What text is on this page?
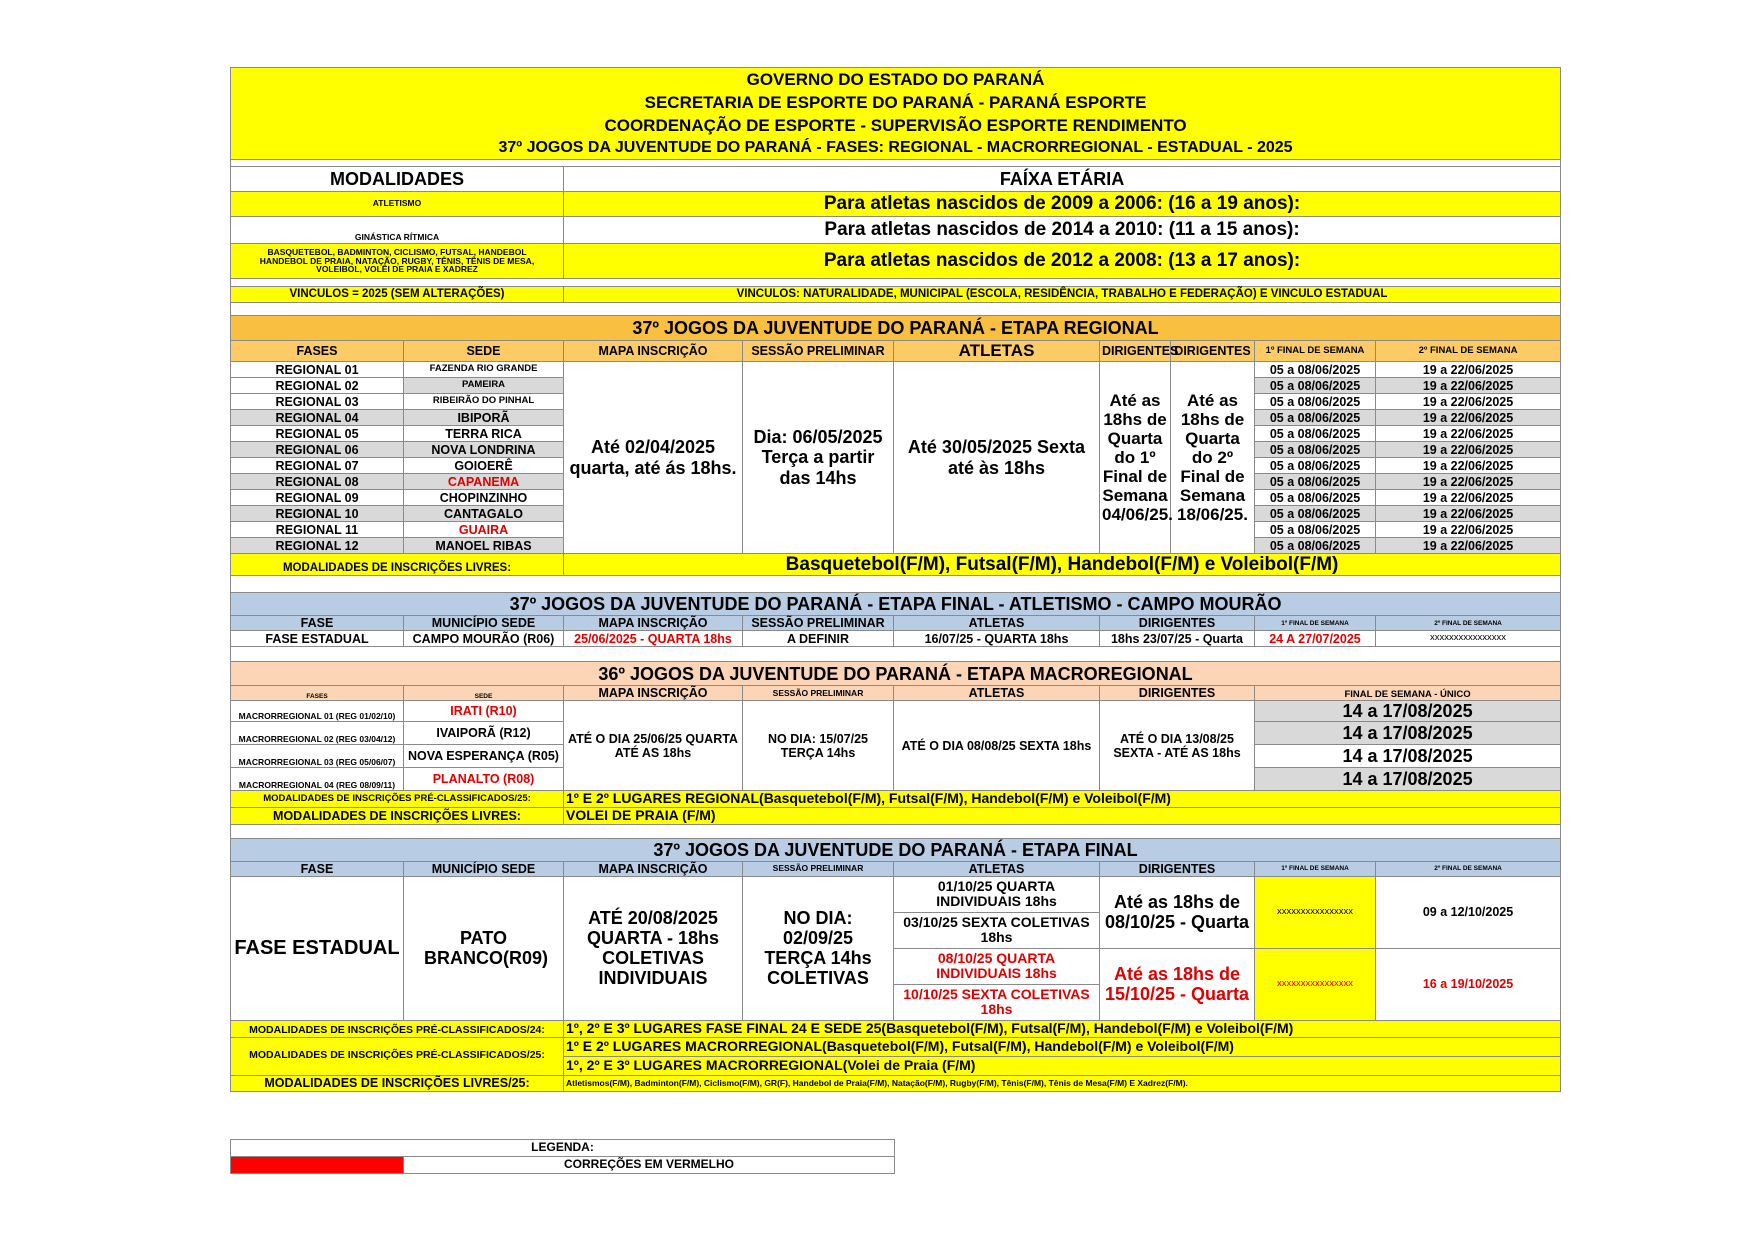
GOVERNO DO ESTADO DO PARANÁ								
SECRETARIA DE ESPORTE DO PARANÁ - PARANÁ ESPORTE								
COORDENAÇÃO DE ESPORTE - SUPERVISÃO ESPORTE RENDIMENTO								
37º JOGOS DA JUVENTUDE DO PARANÁ - FASES: REGIONAL - MACRORREGIONAL - ESTADUAL - 2025								

MODALIDADES		FAÍXA ETÁRIA						
ATLETISMO		Para atletas nascidos de 2009 a 2006: (16 a 19 anos):						
GINÁSTICA RÍTMICA		Para atletas nascidos de 2014 a 2010: (11 a 15 anos):						

BASQUETEBOL, BADMINTON, CICLISMO, FUTSAL, HANDEBOL
HANDEBOL DE PRAIA, NATAÇÃO, RUGBY, TÊNIS, TÊNIS DE MESA,
VOLEIBOL, VOLÊI DE PRAIA E XADREZ		Para atletas nascidos de 2012 a 2008: (13 a 17 anos):						

VINCULOS = 2025 (SEM ALTERAÇÕES)		VINCULOS: NATURALIDADE, MUNICIPAL (ESCOLA, RESIDÊNCIA, TRABALHO E FEDERAÇÃO) E VINCULO ESTADUAL						

37º JOGOS DA JUVENTUDE DO PARANÁ - ETAPA REGIONAL								
FASES	SEDE	MAPA INSCRIÇÃO	SESSÃO PRELIMINAR	ATLETAS	DIRIGENTES	DIRIGENTES	1º FINAL DE SEMANA	2º FINAL DE SEMANA
REGIONAL 01	FAZENDA RIO GRANDE	Até 02/04/2025 quarta, até ás 18hs.	Dia: 06/05/2025 Terça a partir das 14hs	Até 30/05/2025 Sexta até às 18hs	Até as 18hs de Quarta do 1º Final de Semana 04/06/25.	Até as 18hs de Quarta do 2º Final de Semana 18/06/25.	05 a 08/06/2025	19 a 22/06/2025
REGIONAL 02	PAMEIRA						05 a 08/06/2025	19 a 22/06/2025
REGIONAL 03	RIBEIRÃO DO PINHAL						05 a 08/06/2025	19 a 22/06/2025
REGIONAL 04	IBIPORÃ						05 a 08/06/2025	19 a 22/06/2025
REGIONAL 05	TERRA RICA						05 a 08/06/2025	19 a 22/06/2025
REGIONAL 06	NOVA LONDRINA						05 a 08/06/2025	19 a 22/06/2025
REGIONAL 07	GOIOERÊ						05 a 08/06/2025	19 a 22/06/2025
REGIONAL 08	CAPANEMA						05 a 08/06/2025	19 a 22/06/2025
REGIONAL 09	CHOPINZINHO						05 a 08/06/2025	19 a 22/06/2025
REGIONAL 10	CANTAGALO						05 a 08/06/2025	19 a 22/06/2025
REGIONAL 11	GUAIRA						05 a 08/06/2025	19 a 22/06/2025
REGIONAL 12	MANOEL RIBAS						05 a 08/06/2025	19 a 22/06/2025
MODALIDADES DE INSCRIÇÕES LIVRES:		Basquetebol(F/M), Futsal(F/M), Handebol(F/M) e Voleibol(F/M)						

37º JOGOS DA JUVENTUDE DO PARANÁ - ETAPA FINAL - ATLETISMO - CAMPO MOURÃO								
FASE	MUNICÍPIO SEDE	MAPA INSCRIÇÃO	SESSÃO PRELIMINAR	ATLETAS	DIRIGENTES		1º FINAL DE SEMANA	2º FINAL DE SEMANA
FASE ESTADUAL	CAMPO MOURÃO (R06)	25/06/2025 - QUARTA 18hs	A DEFINIR	16/07/25 - QUARTA 18hs	18hs 23/07/25 - Quarta		24 A 27/07/2025	xxxxxxxxxxxxxxxx

36º JOGOS DA JUVENTUDE DO PARANÁ - ETAPA MACROREGIONAL								
FASES	SEDE	MAPA INSCRIÇÃO	SESSÃO PRELIMINAR	ATLETAS	DIRIGENTES		FINAL DE SEMANA - ÚNICO	
MACRORREGIONAL 01 (REG 01/02/10)	IRATI (R10)	ATÉ O DIA 25/06/25 QUARTA ATÉ AS 18hs	NO DIA: 15/07/25 TERÇA 14hs	ATÉ O DIA 08/08/25 SEXTA 18hs	ATÉ O DIA 13/08/25 SEXTA - ATÉ AS 18hs		14 a 17/08/2025	
MACRORREGIONAL 02 (REG 03/04/12)	IVAIPORÃ (R12)						14 a 17/08/2025	
MACRORREGIONAL 03 (REG 05/06/07)	NOVA ESPERANÇA (R05)						14 a 17/08/2025	
MACRORREGIONAL 04 (REG 08/09/11)	PLANALTO (R08)						14 a 17/08/2025	
MODALIDADES DE INSCRIÇÕES PRÉ-CLASSIFICADOS/25:		1º E 2º LUGARES REGIONAL(Basquetebol(F/M), Futsal(F/M), Handebol(F/M) e Voleibol(F/M)						
MODALIDADES DE INSCRIÇÕES LIVRES:		VOLEI DE PRAIA (F/M)						

37º JOGOS DA JUVENTUDE DO PARANÁ - ETAPA FINAL								
FASE	MUNICÍPIO SEDE	MAPA INSCRIÇÃO	SESSÃO PRELIMINAR	ATLETAS	DIRIGENTES		1º FINAL DE SEMANA	2º FINAL DE SEMANA
FASE ESTADUAL	PATO BRANCO(R09)	ATÉ 20/08/2025 QUARTA - 18hs COLETIVAS INDIVIDUAIS	NO DIA: 02/09/25 TERÇA 14hs COLETIVAS	01/10/25 QUARTA INDIVIDUAIS 18hs	Até as 18hs de 08/10/25 - Quarta		xxxxxxxxxxxxxxxx	09 a 12/10/2025
				03/10/25 SEXTA COLETIVAS 18hs				
				08/10/25 QUARTA INDIVIDUAIS 18hs	Até as 18hs de 15/10/25 - Quarta		xxxxxxxxxxxxxxxx	16 a 19/10/2025
				10/10/25 SEXTA COLETIVAS 18hs				
MODALIDADES DE INSCRIÇÕES PRÉ-CLASSIFICADOS/24:		1º, 2º E 3º LUGARES FASE FINAL 24 E SEDE 25(Basquetebol(F/M), Futsal(F/M), Handebol(F/M) e Voleibol(F/M)						
MODALIDADES DE INSCRIÇÕES PRÉ-CLASSIFICADOS/25:		1º E 2º LUGARES MACRORREGIONAL(Basquetebol(F/M), Futsal(F/M), Handebol(F/M) e Voleibol(F/M)						
		1º, 2º E 3º LUGARES MACRORREGIONAL(Volei de Praia (F/M)						
MODALIDADES DE INSCRIÇÕES LIVRES/25:		Atletismos(F/M), Badminton(F/M), Ciclismo(F/M), GR(F), Handebol de Praia(F/M), Natação(F/M), Rugby(F/M), Tênis(F/M), Tênis de Mesa(F/M) E Xadrez(F/M).						
LEGENDA:
	CORREÇÕES EM VERMELHO
